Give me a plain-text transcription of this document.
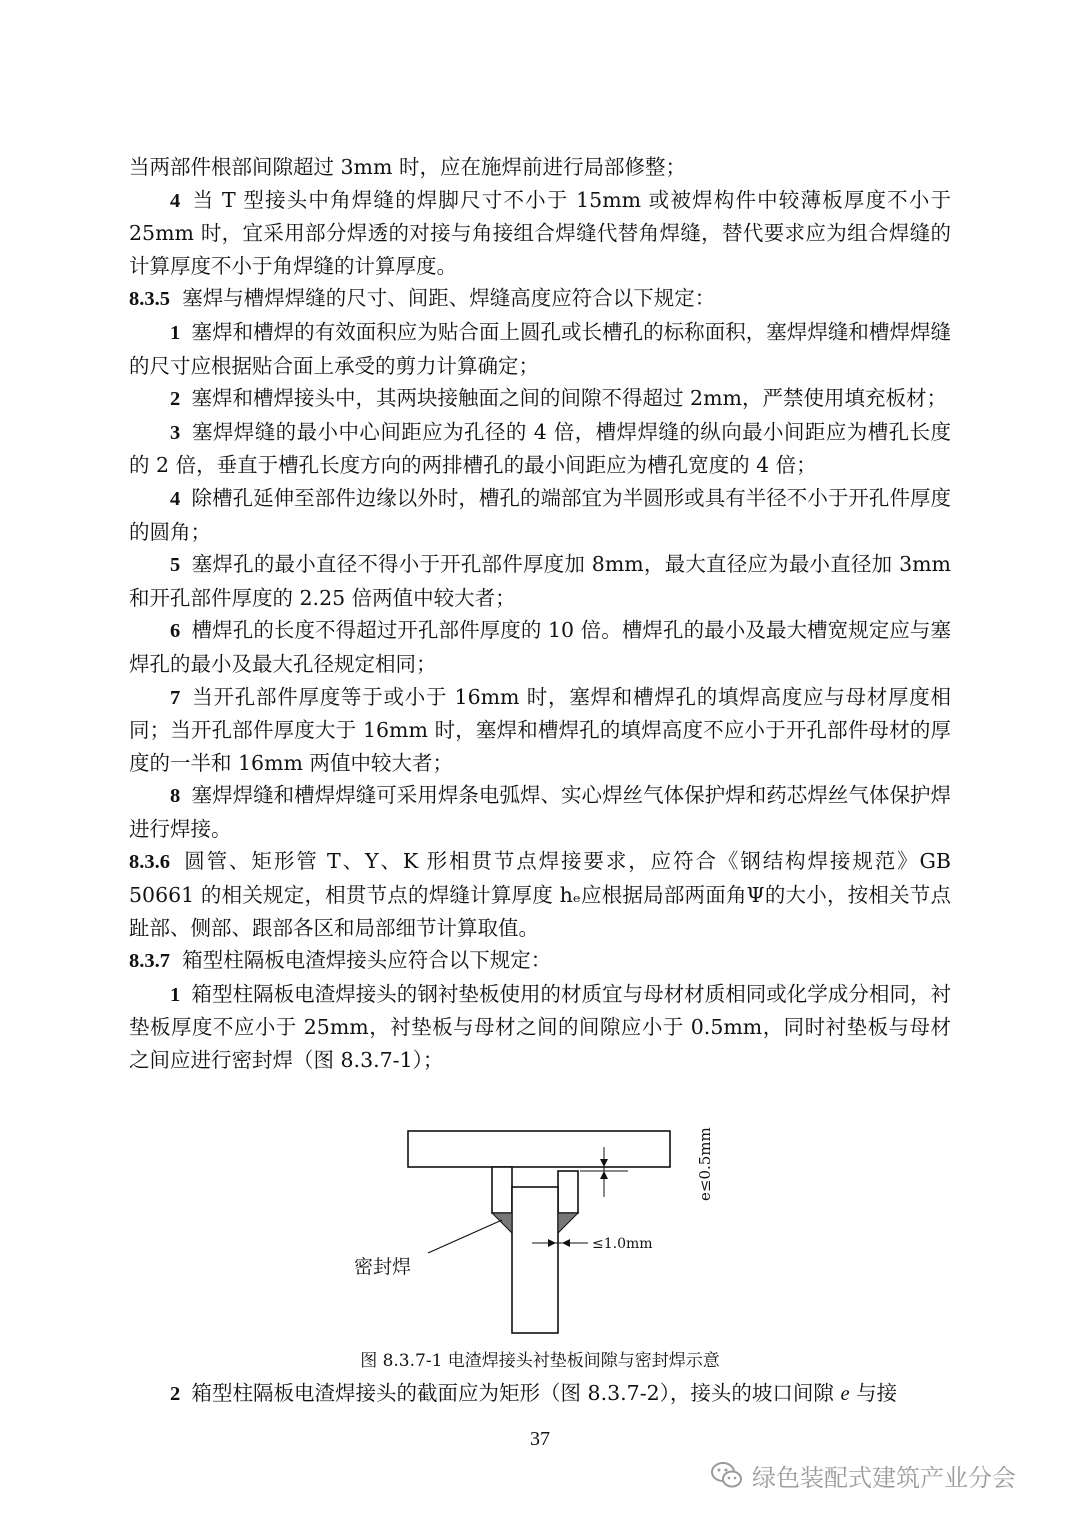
当两部件根部间隙超过 3mm 时，应在施焊前进行局部修整；

4 当 T 型接头中角焊缝的焊脚尺寸不小于 15mm 或被焊构件中较薄板厚度不小于 25mm 时，宜采用部分焊透的对接与角接组合焊缝代替角焊缝，替代要求应为组合焊缝的计算厚度不小于角焊缝的计算厚度。

8.3.5 塞焊与槽焊焊缝的尺寸、间距、焊缝高度应符合以下规定：

1 塞焊和槽焊的有效面积应为贴合面上圆孔或长槽孔的标称面积，塞焊焊缝和槽焊焊缝的尺寸应根据贴合面上承受的剪力计算确定；

2 塞焊和槽焊接头中，其两块接触面之间的间隙不得超过 2mm，严禁使用填充板材；

3 塞焊焊缝的最小中心间距应为孔径的 4 倍，槽焊焊缝的纵向最小间距应为槽孔长度的 2 倍，垂直于槽孔长度方向的两排槽孔的最小间距应为槽孔宽度的 4 倍；

4 除槽孔延伸至部件边缘以外时，槽孔的端部宜为半圆形或具有半径不小于开孔件厚度的圆角；

5 塞焊孔的最小直径不得小于开孔部件厚度加 8mm，最大直径应为最小直径加 3mm 和开孔部件厚度的 2.25 倍两值中较大者；

6 槽焊孔的长度不得超过开孔部件厚度的 10 倍。槽焊孔的最小及最大槽宽规定应与塞焊孔的最小及最大孔径规定相同；

7 当开孔部件厚度等于或小于 16mm 时，塞焊和槽焊孔的填焊高度应与母材厚度相同；当开孔部件厚度大于 16mm 时，塞焊和槽焊孔的填焊高度不应小于开孔部件母材的厚度的一半和 16mm 两值中较大者；

8 塞焊焊缝和槽焊焊缝可采用焊条电弧焊、实心焊丝气体保护焊和药芯焊丝气体保护焊进行焊接。

8.3.6 圆管、矩形管 T、Y、K 形相贯节点焊接要求，应符合《钢结构焊接规范》GB 50661 的相关规定，相贯节点的焊缝计算厚度 hₑ应根据局部两面角Ψ的大小，按相关节点趾部、侧部、跟部各区和局部细节计算取值。

8.3.7 箱型柱隔板电渣焊接头应符合以下规定：

1 箱型柱隔板电渣焊接头的钢衬垫板使用的材质宜与母材材质相同或化学成分相同，衬垫板厚度不应小于 25mm，衬垫板与母材之间的间隙应小于 0.5mm，同时衬垫板与母材之间应进行密封焊（图 8.3.7-1）；

密封焊
≤1.0mm
e≤0.5mm
图 8.3.7-1 电渣焊接头衬垫板间隙与密封焊示意

2 箱型柱隔板电渣焊接头的截面应为矩形（图 8.3.7-2），接头的坡口间隙 e 与接

37
绿色装配式建筑产业分会
